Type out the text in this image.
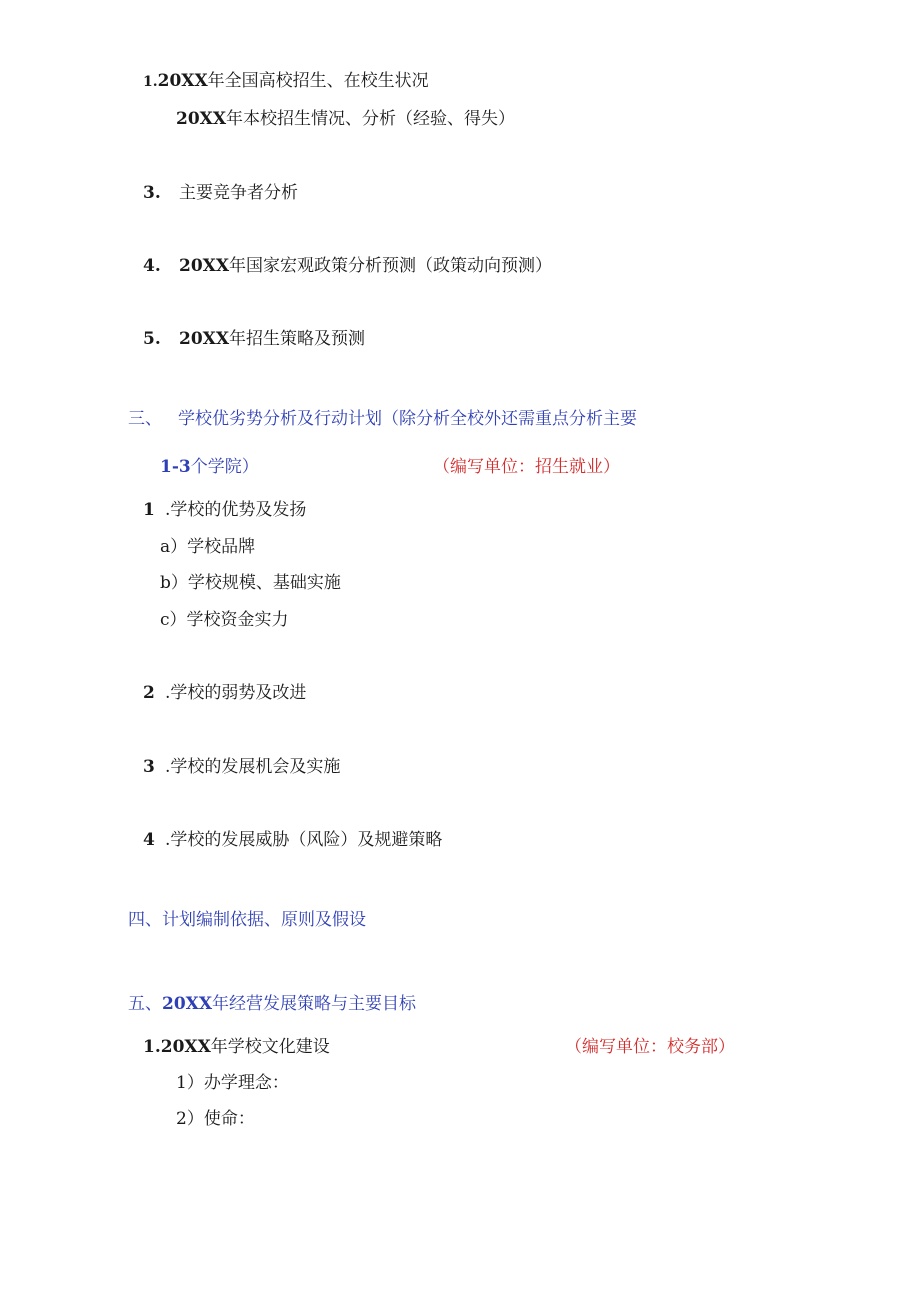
1.20XX年全国高校招生、在校生状况
20XX年本校招生情况、分析（经验、得失）
3. 主要竞争者分析
4. 20XX年国家宏观政策分析预测（政策动向预测）
5. 20XX年招生策略及预测
三、 学校优劣势分析及行动计划（除分析全校外还需重点分析主要
1-3个学院）	（编写单位：招生就业）
1 .学校的优势及发扬
a）学校品牌
b）学校规模、基础实施
c）学校资金实力
2 .学校的弱势及改进
3 .学校的发展机会及实施
4 .学校的发展威胁（风险）及规避策略
四、计划编制依据、原则及假设
五、20XX年经营发展策略与主要目标
1.20XX年学校文化建设	（编写单位：校务部）
1）办学理念：
2）使命：
